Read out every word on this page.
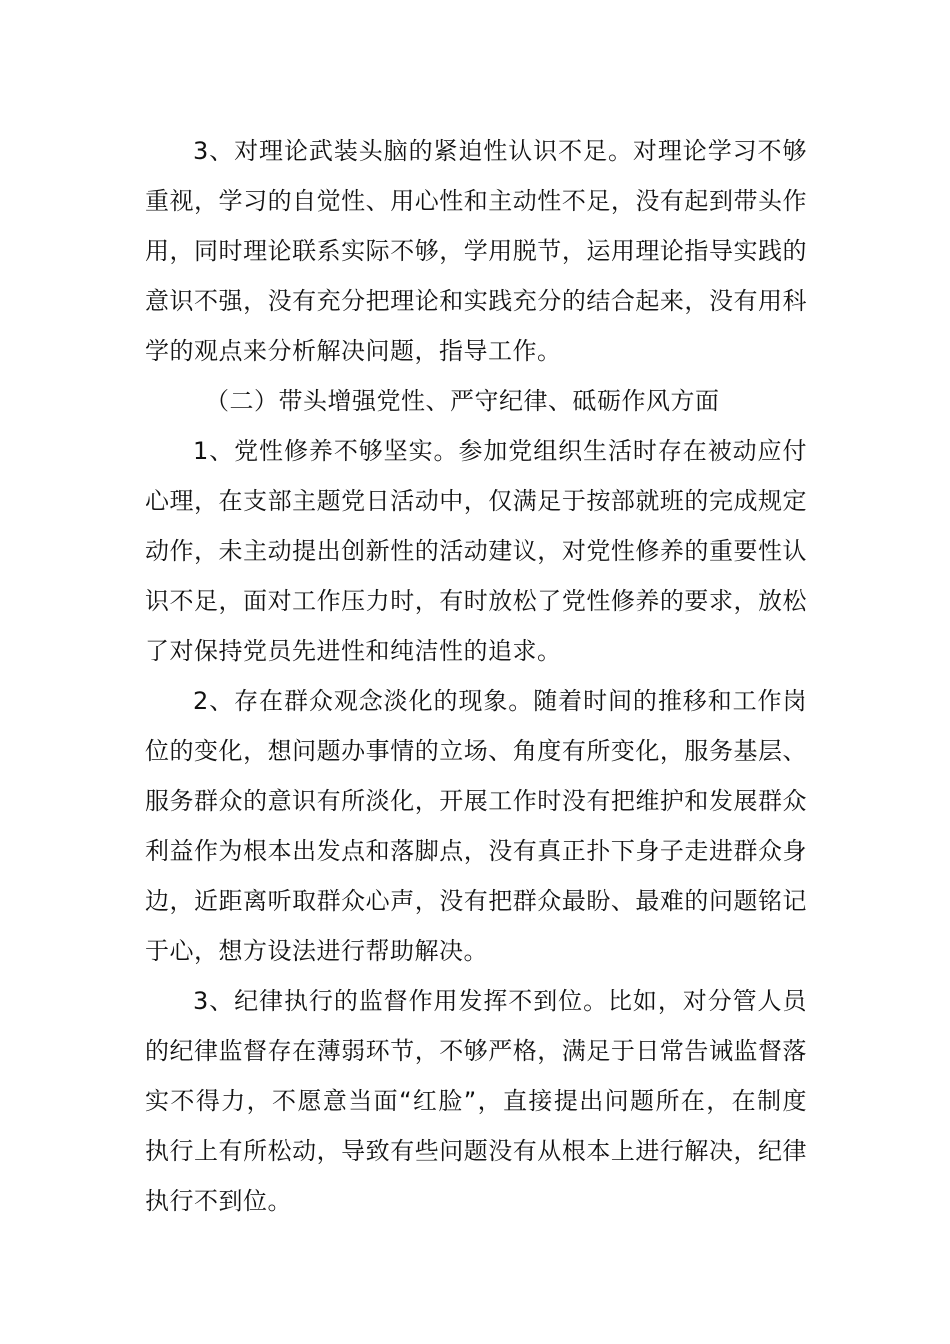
3、对理论武装头脑的紧迫性认识不足。对理论学习不够重视，学习的自觉性、用心性和主动性不足，没有起到带头作用，同时理论联系实际不够，学用脱节，运用理论指导实践的意识不强，没有充分把理论和实践充分的结合起来，没有用科学的观点来分析解决问题，指导工作。

（二）带头增强党性、严守纪律、砥砺作风方面

1、党性修养不够坚实。参加党组织生活时存在被动应付心理，在支部主题党日活动中，仅满足于按部就班的完成规定动作，未主动提出创新性的活动建议，对党性修养的重要性认识不足，面对工作压力时，有时放松了党性修养的要求，放松了对保持党员先进性和纯洁性的追求。

2、存在群众观念淡化的现象。随着时间的推移和工作岗位的变化，想问题办事情的立场、角度有所变化，服务基层、服务群众的意识有所淡化，开展工作时没有把维护和发展群众利益作为根本出发点和落脚点，没有真正扑下身子走进群众身边，近距离听取群众心声，没有把群众最盼、最难的问题铭记于心，想方设法进行帮助解决。

3、纪律执行的监督作用发挥不到位。比如，对分管人员的纪律监督存在薄弱环节，不够严格，满足于日常告诫监督落实不得力，不愿意当面“红脸”，直接提出问题所在，在制度执行上有所松动，导致有些问题没有从根本上进行解决，纪律执行不到位。
